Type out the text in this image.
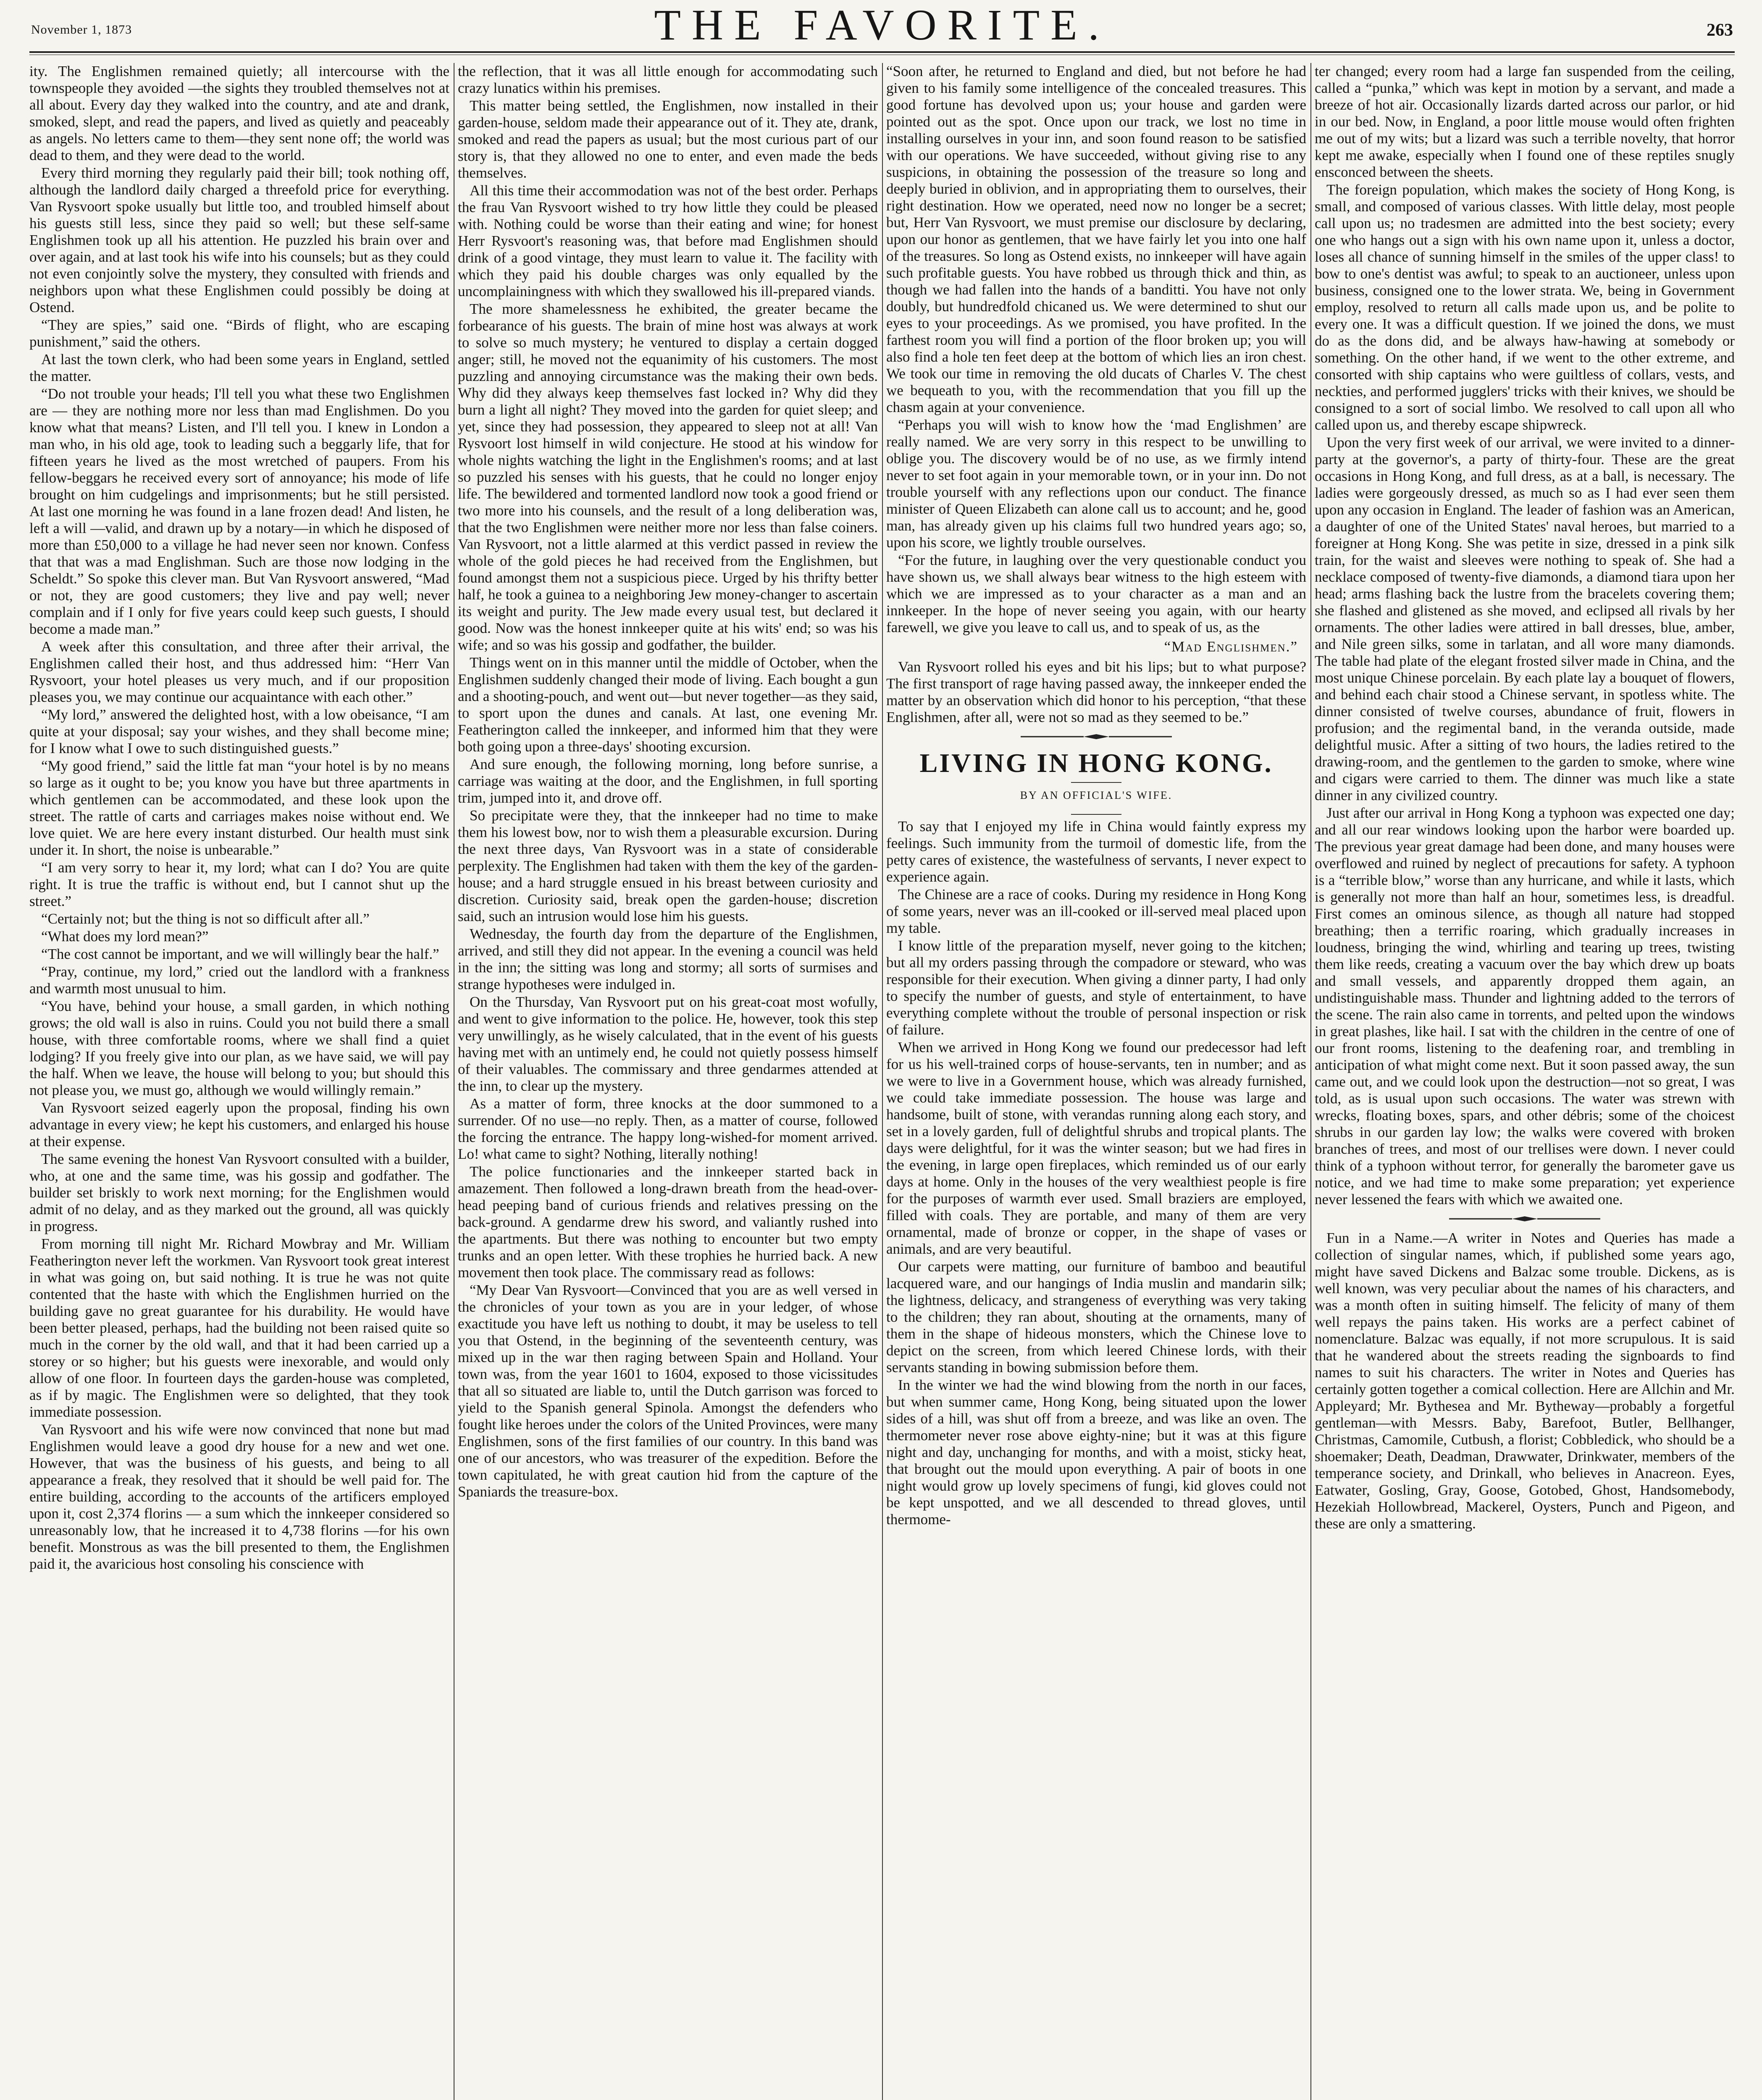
November 1, 1873	THE FAVORITE.	263

ity. The Englishmen remained quietly; all intercourse with the townspeople they avoided —the sights they troubled themselves not at all about. Every day they walked into the country, and ate and drank, smoked, slept, and read the papers, and lived as quietly and peaceably as angels. No letters came to them—they sent none off; the world was dead to them, and they were dead to the world.

Every third morning they regularly paid their bill; took nothing off, although the landlord daily charged a threefold price for everything. Van Rysvoort spoke usually but little too, and troubled himself about his guests still less, since they paid so well; but these self-same Englishmen took up all his attention. He puzzled his brain over and over again, and at last took his wife into his counsels; but as they could not even conjointly solve the mystery, they consulted with friends and neighbors upon what these Englishmen could possibly be doing at Ostend.

“They are spies,” said one. “Birds of flight, who are escaping punishment,” said the others.

At last the town clerk, who had been some years in England, settled the matter.

“Do not trouble your heads; I'll tell you what these two Englishmen are — they are nothing more nor less than mad Englishmen. Do you know what that means? Listen, and I'll tell you. I knew in London a man who, in his old age, took to leading such a beggarly life, that for fifteen years he lived as the most wretched of paupers. From his fellow-beggars he received every sort of annoyance; his mode of life brought on him cudgelings and imprisonments; but he still persisted. At last one morning he was found in a lane frozen dead! And listen, he left a will —valid, and drawn up by a notary—in which he disposed of more than £50,000 to a village he had never seen nor known. Confess that that was a mad Englishman. Such are those now lodging in the Scheldt.” So spoke this clever man. But Van Rysvoort answered, “Mad or not, they are good customers; they live and pay well; never complain and if I only for five years could keep such guests, I should become a made man.”

A week after this consultation, and three after their arrival, the Englishmen called their host, and thus addressed him: “Herr Van Rysvoort, your hotel pleases us very much, and if our proposition pleases you, we may continue our acquaintance with each other.”

“My lord,” answered the delighted host, with a low obeisance, “I am quite at your disposal; say your wishes, and they shall become mine; for I know what I owe to such distinguished guests.”

“My good friend,” said the little fat man “your hotel is by no means so large as it ought to be; you know you have but three apartments in which gentlemen can be accommodated, and these look upon the street. The rattle of carts and carriages makes noise without end. We love quiet. We are here every instant disturbed. Our health must sink under it. In short, the noise is unbearable.”

“I am very sorry to hear it, my lord; what can I do? You are quite right. It is true the traffic is without end, but I cannot shut up the street.”

“Certainly not; but the thing is not so difficult after all.”

“What does my lord mean?”

“The cost cannot be important, and we will willingly bear the half.”

“Pray, continue, my lord,” cried out the landlord with a frankness and warmth most unusual to him.

“You have, behind your house, a small garden, in which nothing grows; the old wall is also in ruins. Could you not build there a small house, with three comfortable rooms, where we shall find a quiet lodging? If you freely give into our plan, as we have said, we will pay the half. When we leave, the house will belong to you; but should this not please you, we must go, although we would willingly remain.”

Van Rysvoort seized eagerly upon the proposal, finding his own advantage in every view; he kept his customers, and enlarged his house at their expense.

The same evening the honest Van Rysvoort consulted with a builder, who, at one and the same time, was his gossip and godfather. The builder set briskly to work next morning; for the Englishmen would admit of no delay, and as they marked out the ground, all was quickly in progress.

From morning till night Mr. Richard Mowbray and Mr. William Featherington never left the workmen. Van Rysvoort took great interest in what was going on, but said nothing. It is true he was not quite contented that the haste with which the Englishmen hurried on the building gave no great guarantee for his durability. He would have been better pleased, perhaps, had the building not been raised quite so much in the corner by the old wall, and that it had been carried up a storey or so higher; but his guests were inexorable, and would only allow of one floor. In fourteen days the garden-house was completed, as if by magic. The Englishmen were so delighted, that they took immediate possession.

Van Rysvoort and his wife were now convinced that none but mad Englishmen would leave a good dry house for a new and wet one. However, that was the business of his guests, and being to all appearance a freak, they resolved that it should be well paid for. The entire building, according to the accounts of the artificers employed upon it, cost 2,374 florins — a sum which the innkeeper considered so unreasonably low, that he increased it to 4,738 florins —for his own benefit. Monstrous as was the bill presented to them, the Englishmen paid it, the avaricious host consoling his conscience with

the reflection, that it was all little enough for accommodating such crazy lunatics within his premises.

This matter being settled, the Englishmen, now installed in their garden-house, seldom made their appearance out of it. They ate, drank, smoked and read the papers as usual; but the most curious part of our story is, that they allowed no one to enter, and even made the beds themselves.

All this time their accommodation was not of the best order. Perhaps the frau Van Rysvoort wished to try how little they could be pleased with. Nothing could be worse than their eating and wine; for honest Herr Rysvoort's reasoning was, that before mad Englishmen should drink of a good vintage, they must learn to value it. The facility with which they paid his double charges was only equalled by the uncomplainingness with which they swallowed his ill-prepared viands.

The more shamelessness he exhibited, the greater became the forbearance of his guests. The brain of mine host was always at work to solve so much mystery; he ventured to display a certain dogged anger; still, he moved not the equanimity of his customers. The most puzzling and annoying circumstance was the making their own beds. Why did they always keep themselves fast locked in? Why did they burn a light all night? They moved into the garden for quiet sleep; and yet, since they had possession, they appeared to sleep not at all! Van Rysvoort lost himself in wild conjecture. He stood at his window for whole nights watching the light in the Englishmen's rooms; and at last so puzzled his senses with his guests, that he could no longer enjoy life. The bewildered and tormented landlord now took a good friend or two more into his counsels, and the result of a long deliberation was, that the two Englishmen were neither more nor less than false coiners. Van Rysvoort, not a little alarmed at this verdict passed in review the whole of the gold pieces he had received from the Englishmen, but found amongst them not a suspicious piece. Urged by his thrifty better half, he took a guinea to a neighboring Jew money-changer to ascertain its weight and purity. The Jew made every usual test, but declared it good. Now was the honest innkeeper quite at his wits' end; so was his wife; and so was his gossip and godfather, the builder.

Things went on in this manner until the middle of October, when the Englishmen suddenly changed their mode of living. Each bought a gun and a shooting-pouch, and went out—but never together—as they said, to sport upon the dunes and canals. At last, one evening Mr. Featherington called the innkeeper, and informed him that they were both going upon a three-days' shooting excursion.

And sure enough, the following morning, long before sunrise, a carriage was waiting at the door, and the Englishmen, in full sporting trim, jumped into it, and drove off.

So precipitate were they, that the innkeeper had no time to make them his lowest bow, nor to wish them a pleasurable excursion. During the next three days, Van Rysvoort was in a state of considerable perplexity. The Englishmen had taken with them the key of the garden-house; and a hard struggle ensued in his breast between curiosity and discretion. Curiosity said, break open the garden-house; discretion said, such an intrusion would lose him his guests.

Wednesday, the fourth day from the departure of the Englishmen, arrived, and still they did not appear. In the evening a council was held in the inn; the sitting was long and stormy; all sorts of surmises and strange hypotheses were indulged in.

On the Thursday, Van Rysvoort put on his great-coat most wofully, and went to give information to the police. He, however, took this step very unwillingly, as he wisely calculated, that in the event of his guests having met with an untimely end, he could not quietly possess himself of their valuables. The commissary and three gendarmes attended at the inn, to clear up the mystery.

As a matter of form, three knocks at the door summoned to a surrender. Of no use—no reply. Then, as a matter of course, followed the forcing the entrance. The happy long-wished-for moment arrived. Lo! what came to sight? Nothing, literally nothing!

The police functionaries and the innkeeper started back in amazement. Then followed a long-drawn breath from the head-over-head peeping band of curious friends and relatives pressing on the back-ground. A gendarme drew his sword, and valiantly rushed into the apartments. But there was nothing to encounter but two empty trunks and an open letter. With these trophies he hurried back. A new movement then took place. The commissary read as follows:

“My Dear Van Rysvoort—Convinced that you are as well versed in the chronicles of your town as you are in your ledger, of whose exactitude you have left us nothing to doubt, it may be useless to tell you that Ostend, in the beginning of the seventeenth century, was mixed up in the war then raging between Spain and Holland. Your town was, from the year 1601 to 1604, exposed to those vicissitudes that all so situated are liable to, until the Dutch garrison was forced to yield to the Spanish general Spinola. Amongst the defenders who fought like heroes under the colors of the United Provinces, were many Englishmen, sons of the first families of our country. In this band was one of our ancestors, who was treasurer of the expedition. Before the town capitulated, he with great caution hid from the capture of the Spaniards the treasure-box.

“Soon after, he returned to England and died, but not before he had given to his family some intelligence of the concealed treasures. This good fortune has devolved upon us; your house and garden were pointed out as the spot. Once upon our track, we lost no time in installing ourselves in your inn, and soon found reason to be satisfied with our operations. We have succeeded, without giving rise to any suspicions, in obtaining the possession of the treasure so long and deeply buried in oblivion, and in appropriating them to ourselves, their right destination. How we operated, need now no longer be a secret; but, Herr Van Rysvoort, we must premise our disclosure by declaring, upon our honor as gentlemen, that we have fairly let you into one half of the treasures. So long as Ostend exists, no innkeeper will have again such profitable guests. You have robbed us through thick and thin, as though we had fallen into the hands of a banditti. You have not only doubly, but hundredfold chicaned us. We were determined to shut our eyes to your proceedings. As we promised, you have profited. In the farthest room you will find a portion of the floor broken up; you will also find a hole ten feet deep at the bottom of which lies an iron chest. We took our time in removing the old ducats of Charles V. The chest we bequeath to you, with the recommendation that you fill up the chasm again at your convenience.

“Perhaps you will wish to know how the ‘mad Englishmen’ are really named. We are very sorry in this respect to be unwilling to oblige you. The discovery would be of no use, as we firmly intend never to set foot again in your memorable town, or in your inn. Do not trouble yourself with any reflections upon our conduct. The finance minister of Queen Elizabeth can alone call us to account; and he, good man, has already given up his claims full two hundred years ago; so, upon his score, we lightly trouble ourselves.

“For the future, in laughing over the very questionable conduct you have shown us, we shall always bear witness to the high esteem with which we are impressed as to your character as a man and an innkeeper. In the hope of never seeing you again, with our hearty farewell, we give you leave to call us, and to speak of us, as the

“Mad Englishmen.”

Van Rysvoort rolled his eyes and bit his lips; but to what purpose? The first transport of rage having passed away, the innkeeper ended the matter by an observation which did honor to his perception, “that these Englishmen, after all, were not so mad as they seemed to be.”

LIVING IN HONG KONG.
BY AN OFFICIAL'S WIFE.

To say that I enjoyed my life in China would faintly express my feelings. Such immunity from the turmoil of domestic life, from the petty cares of existence, the wastefulness of servants, I never expect to experience again.

The Chinese are a race of cooks. During my residence in Hong Kong of some years, never was an ill-cooked or ill-served meal placed upon my table.

I know little of the preparation myself, never going to the kitchen; but all my orders passing through the compadore or steward, who was responsible for their execution. When giving a dinner party, I had only to specify the number of guests, and style of entertainment, to have everything complete without the trouble of personal inspection or risk of failure.

When we arrived in Hong Kong we found our predecessor had left for us his well-trained corps of house-servants, ten in number; and as we were to live in a Government house, which was already furnished, we could take immediate possession. The house was large and handsome, built of stone, with verandas running along each story, and set in a lovely garden, full of delightful shrubs and tropical plants. The days were delightful, for it was the winter season; but we had fires in the evening, in large open fireplaces, which reminded us of our early days at home. Only in the houses of the very wealthiest people is fire for the purposes of warmth ever used. Small braziers are employed, filled with coals. They are portable, and many of them are very ornamental, made of bronze or copper, in the shape of vases or animals, and are very beautiful.

Our carpets were matting, our furniture of bamboo and beautiful lacquered ware, and our hangings of India muslin and mandarin silk; the lightness, delicacy, and strangeness of everything was very taking to the children; they ran about, shouting at the ornaments, many of them in the shape of hideous monsters, which the Chinese love to depict on the screen, from which leered Chinese lords, with their servants standing in bowing submission before them.

In the winter we had the wind blowing from the north in our faces, but when summer came, Hong Kong, being situated upon the lower sides of a hill, was shut off from a breeze, and was like an oven. The thermometer never rose above eighty-nine; but it was at this figure night and day, unchanging for months, and with a moist, sticky heat, that brought out the mould upon everything. A pair of boots in one night would grow up lovely specimens of fungi, kid gloves could not be kept unspotted, and we all descended to thread gloves, until thermome-

ter changed; every room had a large fan suspended from the ceiling, called a “punka,” which was kept in motion by a servant, and made a breeze of hot air. Occasionally lizards darted across our parlor, or hid in our bed. Now, in England, a poor little mouse would often frighten me out of my wits; but a lizard was such a terrible novelty, that horror kept me awake, especially when I found one of these reptiles snugly ensconced between the sheets.

The foreign population, which makes the society of Hong Kong, is small, and composed of various classes. With little delay, most people call upon us; no tradesmen are admitted into the best society; every one who hangs out a sign with his own name upon it, unless a doctor, loses all chance of sunning himself in the smiles of the upper class! to bow to one's dentist was awful; to speak to an auctioneer, unless upon business, consigned one to the lower strata. We, being in Government employ, resolved to return all calls made upon us, and be polite to every one. It was a difficult question. If we joined the dons, we must do as the dons did, and be always haw-hawing at somebody or something. On the other hand, if we went to the other extreme, and consorted with ship captains who were guiltless of collars, vests, and neckties, and performed jugglers' tricks with their knives, we should be consigned to a sort of social limbo. We resolved to call upon all who called upon us, and thereby escape shipwreck.

Upon the very first week of our arrival, we were invited to a dinner-party at the governor's, a party of thirty-four. These are the great occasions in Hong Kong, and full dress, as at a ball, is necessary. The ladies were gorgeously dressed, as much so as I had ever seen them upon any occasion in England. The leader of fashion was an American, a daughter of one of the United States' naval heroes, but married to a foreigner at Hong Kong. She was petite in size, dressed in a pink silk train, for the waist and sleeves were nothing to speak of. She had a necklace composed of twenty-five diamonds, a diamond tiara upon her head; arms flashing back the lustre from the bracelets covering them; she flashed and glistened as she moved, and eclipsed all rivals by her ornaments. The other ladies were attired in ball dresses, blue, amber, and Nile green silks, some in tarlatan, and all wore many diamonds. The table had plate of the elegant frosted silver made in China, and the most unique Chinese porcelain. By each plate lay a bouquet of flowers, and behind each chair stood a Chinese servant, in spotless white. The dinner consisted of twelve courses, abundance of fruit, flowers in profusion; and the regimental band, in the veranda outside, made delightful music. After a sitting of two hours, the ladies retired to the drawing-room, and the gentlemen to the garden to smoke, where wine and cigars were carried to them. The dinner was much like a state dinner in any civilized country.

Just after our arrival in Hong Kong a typhoon was expected one day; and all our rear windows looking upon the harbor were boarded up. The previous year great damage had been done, and many houses were overflowed and ruined by neglect of precautions for safety. A typhoon is a “terrible blow,” worse than any hurricane, and while it lasts, which is generally not more than half an hour, sometimes less, is dreadful. First comes an ominous silence, as though all nature had stopped breathing; then a terrific roaring, which gradually increases in loudness, bringing the wind, whirling and tearing up trees, twisting them like reeds, creating a vacuum over the bay which drew up boats and small vessels, and apparently dropped them again, an undistinguishable mass. Thunder and lightning added to the terrors of the scene. The rain also came in torrents, and pelted upon the windows in great plashes, like hail. I sat with the children in the centre of one of our front rooms, listening to the deafening roar, and trembling in anticipation of what might come next. But it soon passed away, the sun came out, and we could look upon the destruction—not so great, I was told, as is usual upon such occasions. The water was strewn with wrecks, floating boxes, spars, and other débris; some of the choicest shrubs in our garden lay low; the walks were covered with broken branches of trees, and most of our trellises were down. I never could think of a typhoon without terror, for generally the barometer gave us notice, and we had time to make some preparation; yet experience never lessened the fears with which we awaited one.

Fun in a Name.—A writer in Notes and Queries has made a collection of singular names, which, if published some years ago, might have saved Dickens and Balzac some trouble. Dickens, as is well known, was very peculiar about the names of his characters, and was a month often in suiting himself. The felicity of many of them well repays the pains taken. His works are a perfect cabinet of nomenclature. Balzac was equally, if not more scrupulous. It is said that he wandered about the streets reading the signboards to find names to suit his characters. The writer in Notes and Queries has certainly gotten together a comical collection. Here are Allchin and Mr. Appleyard; Mr. Bythesea and Mr. Bytheway—probably a forgetful gentleman—with Messrs. Baby, Barefoot, Butler, Bellhanger, Christmas, Camomile, Cutbush, a florist; Cobbledick, who should be a shoemaker; Death, Deadman, Drawwater, Drinkwater, members of the temperance society, and Drinkall, who believes in Anacreon. Eyes, Eatwater, Gosling, Gray, Goose, Gotobed, Ghost, Handsomebody, Hezekiah Hollowbread, Mackerel, Oysters, Punch and Pigeon, and these are only a smattering.
